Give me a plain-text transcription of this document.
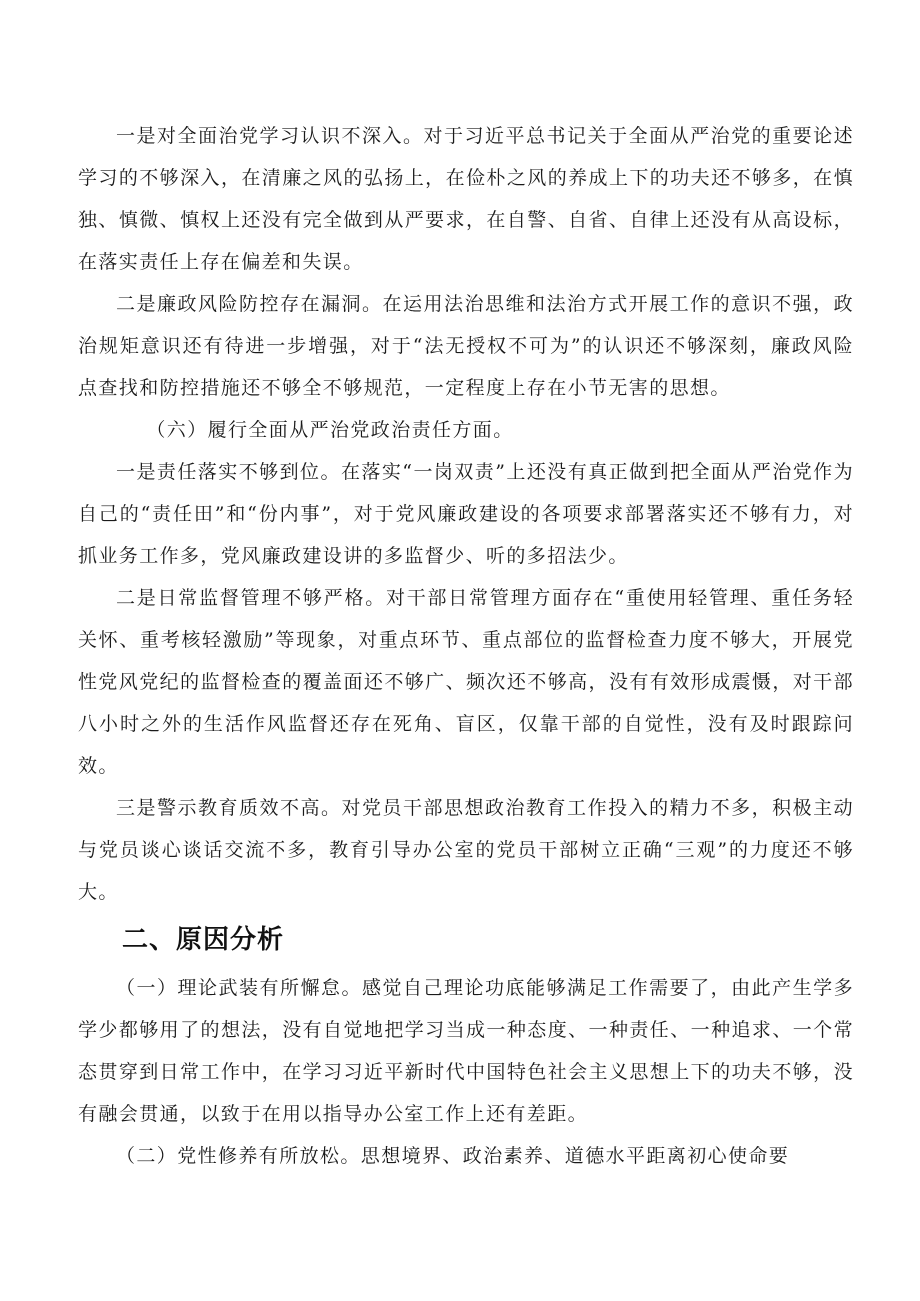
一是对全面治党学习认识不深入。对于习近平总书记关于全面从严治党的重要论述学习的不够深入，在清廉之风的弘扬上，在俭朴之风的养成上下的功夫还不够多，在慎独、慎微、慎权上还没有完全做到从严要求，在自警、自省、自律上还没有从高设标，在落实责任上存在偏差和失误。

二是廉政风险防控存在漏洞。在运用法治思维和法治方式开展工作的意识不强，政治规矩意识还有待进一步增强，对于“法无授权不可为”的认识还不够深刻，廉政风险点查找和防控措施还不够全不够规范，一定程度上存在小节无害的思想。

（六）履行全面从严治党政治责任方面。

一是责任落实不够到位。在落实“一岗双责”上还没有真正做到把全面从严治党作为自己的“责任田”和“份内事”，对于党风廉政建设的各项要求部署落实还不够有力，对抓业务工作多，党风廉政建设讲的多监督少、听的多招法少。

二是日常监督管理不够严格。对干部日常管理方面存在“重使用轻管理、重任务轻关怀、重考核轻激励”等现象，对重点环节、重点部位的监督检查力度不够大，开展党性党风党纪的监督检查的覆盖面还不够广、频次还不够高，没有有效形成震慑，对干部八小时之外的生活作风监督还存在死角、盲区，仅靠干部的自觉性，没有及时跟踪问效。

三是警示教育质效不高。对党员干部思想政治教育工作投入的精力不多，积极主动与党员谈心谈话交流不多，教育引导办公室的党员干部树立正确“三观”的力度还不够大。

二、原因分析

（一）理论武装有所懈怠。感觉自己理论功底能够满足工作需要了，由此产生学多学少都够用了的想法，没有自觉地把学习当成一种态度、一种责任、一种追求、一个常态贯穿到日常工作中，在学习习近平新时代中国特色社会主义思想上下的功夫不够，没有融会贯通，以致于在用以指导办公室工作上还有差距。

（二）党性修养有所放松。思想境界、政治素养、道德水平距离初心使命要
